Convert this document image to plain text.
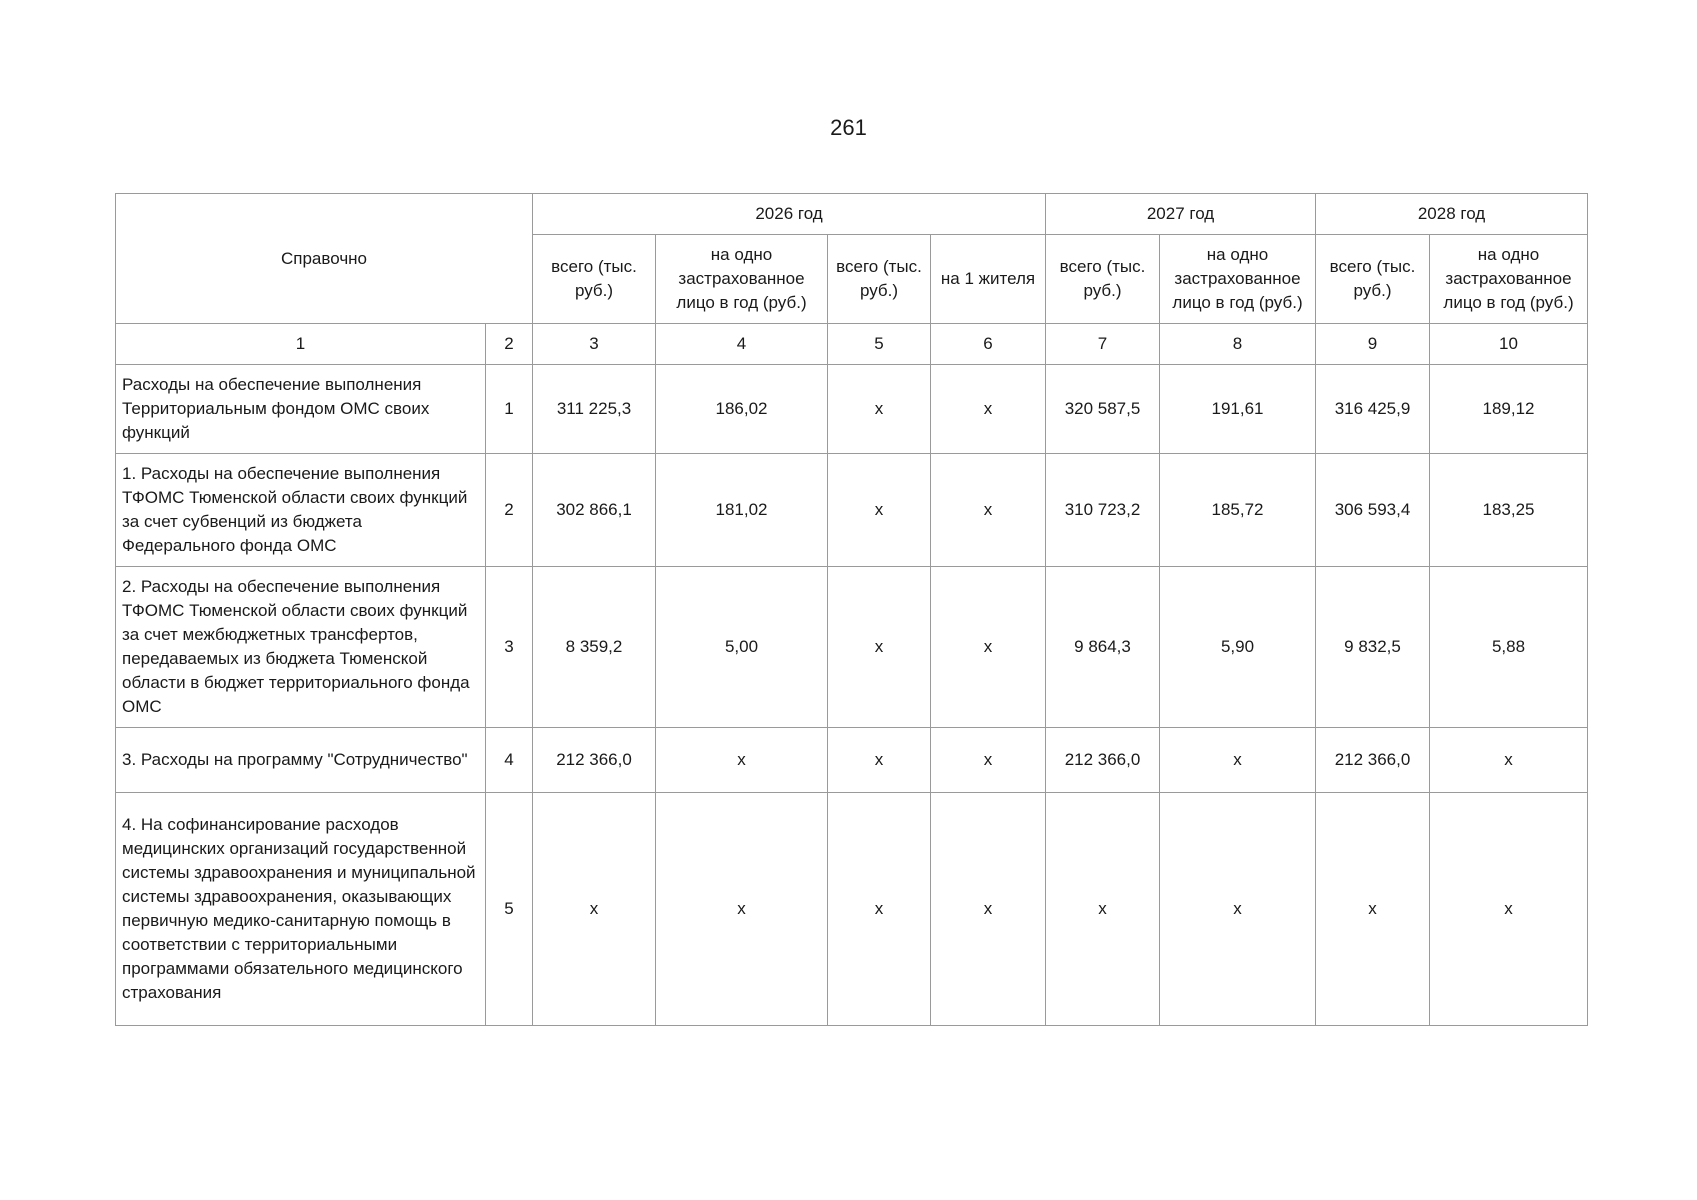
261
Справочно		2026 год				2027 год		2028 год	
		всего (тыс. руб.)	на одно застрахованное лицо в год (руб.)	всего (тыс. руб.)	на 1 жителя	всего (тыс. руб.)	на одно застрахованное лицо в год (руб.)	всего (тыс. руб.)	на одно застрахованное лицо в год (руб.)
1	2	3	4	5	6	7	8	9	10
Расходы на обеспечение выполнения Территориальным фондом ОМС своих функций	1	311 225,3	186,02	x	x	320 587,5	191,61	316 425,9	189,12
1. Расходы на обеспечение выполнения ТФОМС Тюменской области своих функций за счет субвенций из бюджета Федерального фонда ОМС	2	302 866,1	181,02	x	x	310 723,2	185,72	306 593,4	183,25
2. Расходы на обеспечение выполнения ТФОМС Тюменской области своих функций за счет межбюджетных трансфертов, передаваемых из бюджета Тюменской области в бюджет территориального фонда ОМС	3	8 359,2	5,00	x	x	9 864,3	5,90	9 832,5	5,88
3. Расходы на программу "Сотрудничество"	4	212 366,0	x	x	x	212 366,0	x	212 366,0	x
4. На софинансирование расходов медицинских организаций государственной системы здравоохранения и муниципальной системы здравоохранения, оказывающих первичную медико-санитарную помощь в соответствии с территориальными программами обязательного медицинского страхования	5	x	x	x	x	x	x	x	x
